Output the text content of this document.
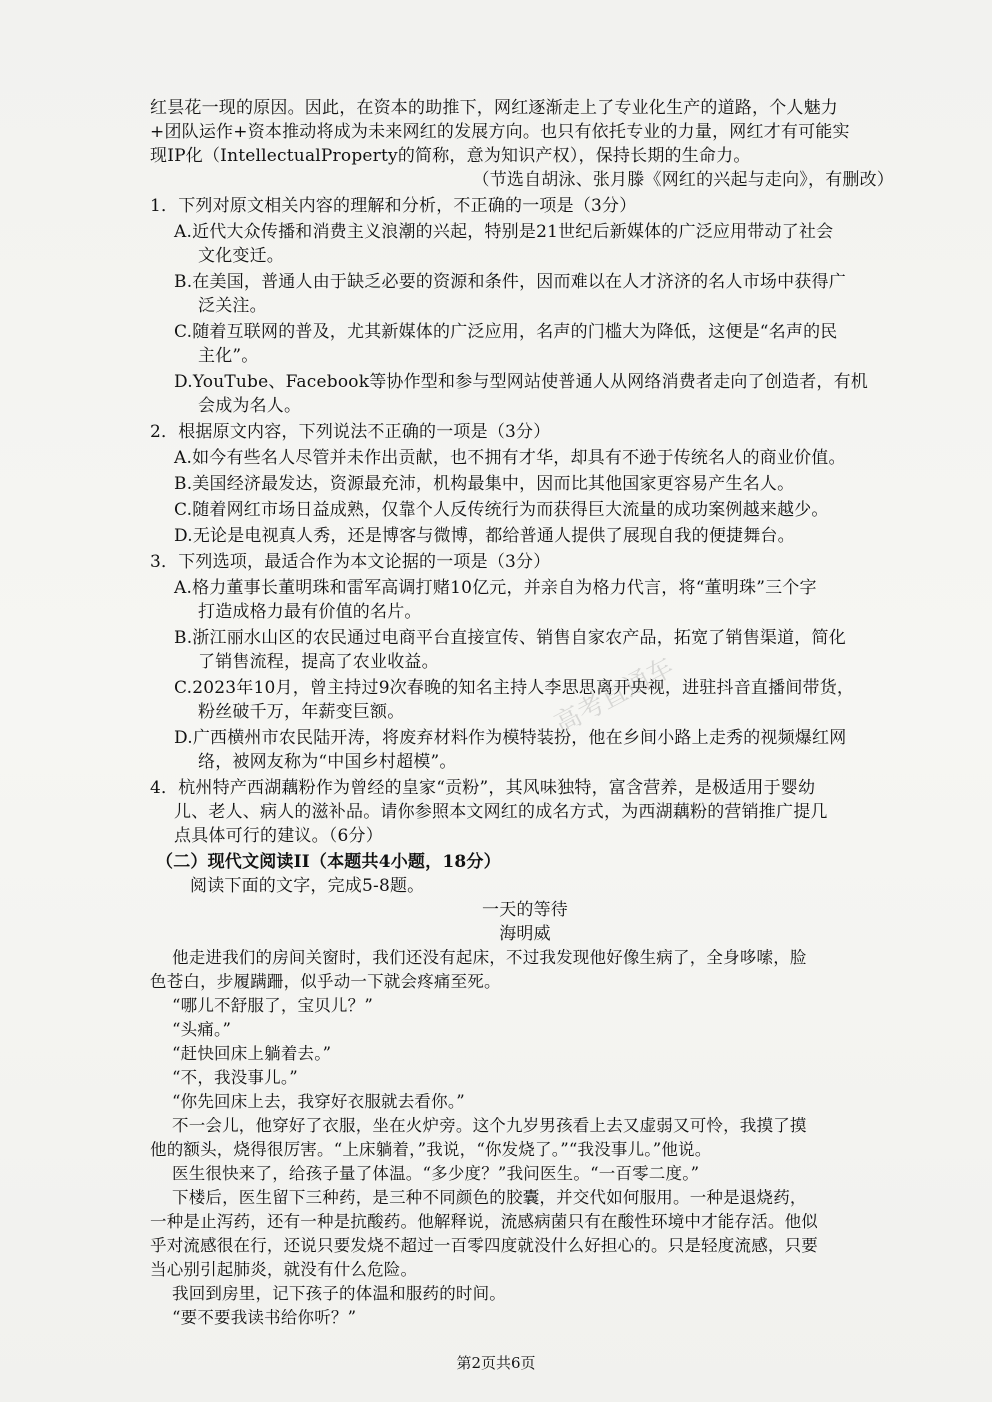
高考直通车
红昙花一现的原因。因此，在资本的助推下，网红逐渐走上了专业化生产的道路，个人魅力
+团队运作+资本推动将成为未来网红的发展方向。也只有依托专业的力量，网红才有可能实
现IP化（IntellectualProperty的简称，意为知识产权），保持长期的生命力。
（节选自胡泳、张月滕《网红的兴起与走向》，有删改）
1．下列对原文相关内容的理解和分析，不正确的一项是（3分）
A.近代大众传播和消费主义浪潮的兴起，特别是21世纪后新媒体的广泛应用带动了社会
文化变迁。
B.在美国，普通人由于缺乏必要的资源和条件，因而难以在人才济济的名人市场中获得广
泛关注。
C.随着互联网的普及，尤其新媒体的广泛应用，名声的门槛大为降低，这便是“名声的民
主化”。
D.YouTube、Facebook等协作型和参与型网站使普通人从网络消费者走向了创造者，有机
会成为名人。
2．根据原文内容，下列说法不正确的一项是（3分）
A.如今有些名人尽管并未作出贡献，也不拥有才华，却具有不逊于传统名人的商业价值。
B.美国经济最发达，资源最充沛，机构最集中，因而比其他国家更容易产生名人。
C.随着网红市场日益成熟，仅靠个人反传统行为而获得巨大流量的成功案例越来越少。
D.无论是电视真人秀，还是博客与微博，都给普通人提供了展现自我的便捷舞台。
3．下列选项，最适合作为本文论据的一项是（3分）
A.格力董事长董明珠和雷军高调打赌10亿元，并亲自为格力代言，将“董明珠”三个字
打造成格力最有价值的名片。
B.浙江丽水山区的农民通过电商平台直接宣传、销售自家农产品，拓宽了销售渠道，简化
了销售流程，提高了农业收益。
C.2023年10月，曾主持过9次春晚的知名主持人李思思离开央视，进驻抖音直播间带货，
粉丝破千万，年薪变巨额。
D.广西横州市农民陆开涛，将废弃材料作为模特装扮，他在乡间小路上走秀的视频爆红网
络，被网友称为“中国乡村超模”。
4．杭州特产西湖藕粉作为曾经的皇家“贡粉”，其风味独特，富含营养，是极适用于婴幼
儿、老人、病人的滋补品。请你参照本文网红的成名方式，为西湖藕粉的营销推广提几
点具体可行的建议。（6分）
（二）现代文阅读II（本题共4小题，18分）
阅读下面的文字，完成5-8题。
一天的等待
海明威
他走进我们的房间关窗时，我们还没有起床，不过我发现他好像生病了，全身哆嗦，脸
色苍白，步履蹒跚，似乎动一下就会疼痛至死。
“哪儿不舒服了，宝贝儿？”
“头痛。”
“赶快回床上躺着去。”
“不，我没事儿。”
“你先回床上去，我穿好衣服就去看你。”
不一会儿，他穿好了衣服，坐在火炉旁。这个九岁男孩看上去又虚弱又可怜，我摸了摸
他的额头，烧得很厉害。“上床躺着，”我说，“你发烧了。”“我没事儿。”他说。
医生很快来了，给孩子量了体温。“多少度？”我问医生。“一百零二度。”
下楼后，医生留下三种药，是三种不同颜色的胶囊，并交代如何服用。一种是退烧药，
一种是止泻药，还有一种是抗酸药。他解释说，流感病菌只有在酸性环境中才能存活。他似
乎对流感很在行，还说只要发烧不超过一百零四度就没什么好担心的。只是轻度流感，只要
当心别引起肺炎，就没有什么危险。
我回到房里，记下孩子的体温和服药的时间。
“要不要我读书给你听？”
第2页共6页
